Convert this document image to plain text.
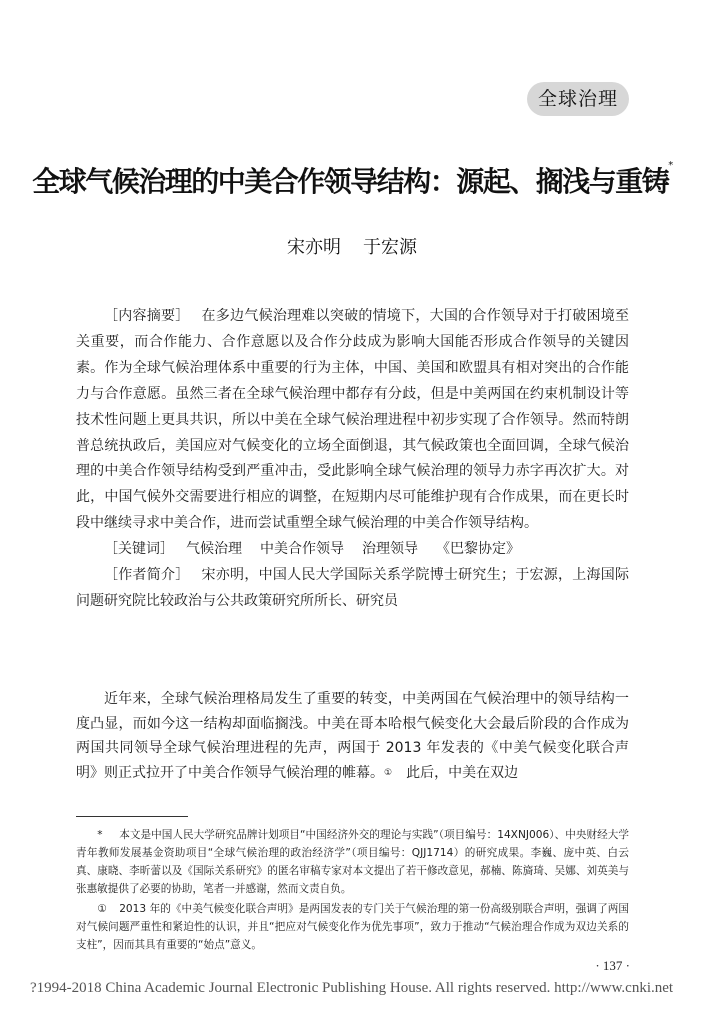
全球治理
全球气候治理的中美合作领导结构：源起、搁浅与重铸*
宋亦明 于宏源

［内容摘要］ 在多边气候治理难以突破的情境下，大国的合作领导对于打破困境至关重要，而合作能力、合作意愿以及合作分歧成为影响大国能否形成合作领导的关键因素。作为全球气候治理体系中重要的行为主体，中国、美国和欧盟具有相对突出的合作能力与合作意愿。虽然三者在全球气候治理中都存有分歧，但是中美两国在约束机制设计等技术性问题上更具共识，所以中美在全球气候治理进程中初步实现了合作领导。然而特朗普总统执政后，美国应对气候变化的立场全面倒退，其气候政策也全面回调，全球气候治理的中美合作领导结构受到严重冲击，受此影响全球气候治理的领导力赤字再次扩大。对此，中国气候外交需要进行相应的调整，在短期内尽可能维护现有合作成果，而在更长时段中继续寻求中美合作，进而尝试重塑全球气候治理的中美合作领导结构。

［关键词］ 气候治理 中美合作领导 治理领导 《巴黎协定》

［作者简介］ 宋亦明，中国人民大学国际关系学院博士研究生；于宏源，上海国际问题研究院比较政治与公共政策研究所所长、研究员

近年来，全球气候治理格局发生了重要的转变，中美两国在气候治理中的领导结构一度凸显，而如今这一结构却面临搁浅。中美在哥本哈根气候变化大会最后阶段的合作成为两国共同领导全球气候治理进程的先声，两国于 2013 年发表的《中美气候变化联合声明》则正式拉开了中美合作领导气候治理的帷幕。①　 此后，中美在双边

* 本文是中国人民大学研究品牌计划项目“中国经济外交的理论与实践”（项目编号：14XNJ006）、中央财经大学青年教师发展基金资助项目“全球气候治理的政治经济学”（项目编号：QJJ1714）的研究成果。李巍、庞中英、白云真、康晓、李昕蕾以及《国际关系研究》的匿名审稿专家对本文提出了若干修改意见，郝楠、陈旖琦、吴娜、刘英美与张惠敏提供了必要的协助，笔者一并感谢，然而文责自负。

① 2013 年的《中美气候变化联合声明》是两国发表的专门关于气候治理的第一份高级别联合声明，强调了两国对气候问题严重性和紧迫性的认识，并且“把应对气候变化作为优先事项”，致力于推动“气候治理合作成为双边关系的支柱”，因而其具有重要的“始点”意义。

· 137 ·
?1994-2018 China Academic Journal Electronic Publishing House. All rights reserved. http://www.cnki.net
